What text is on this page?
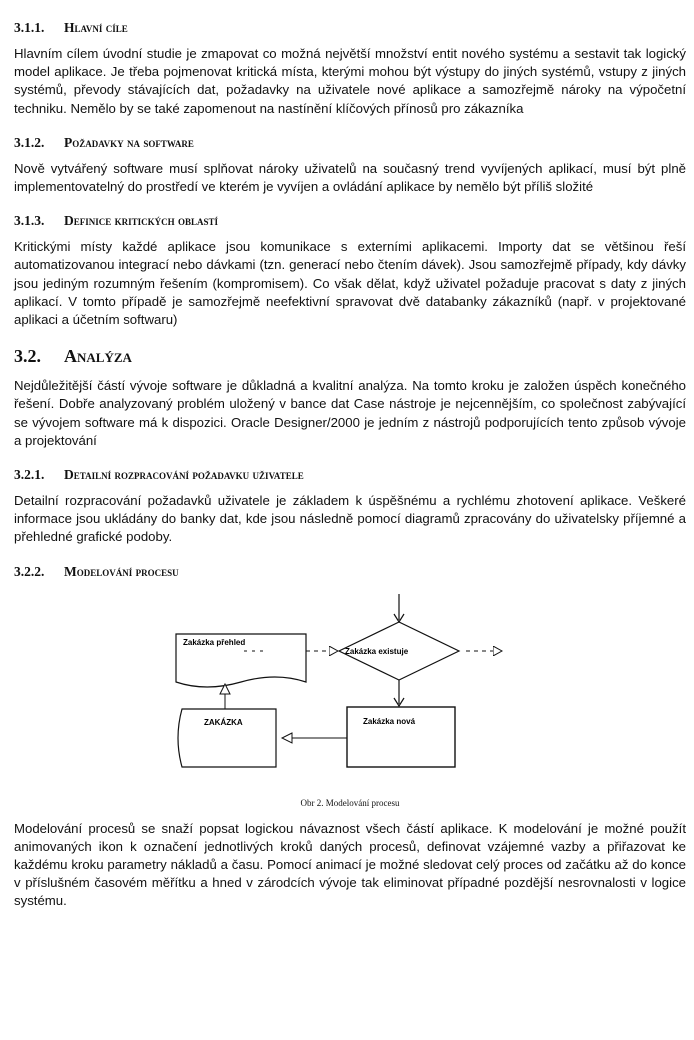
3.1.1. Hlavní cíle

Hlavním cílem úvodní studie je zmapovat co možná největší množství entit nového systému a sestavit tak logický model aplikace. Je třeba pojmenovat kritická místa, kterými mohou být výstupy do jiných systémů, vstupy z jiných systémů, převody stávajících dat, požadavky na uživatele nové aplikace a samozřejmě nároky na výpočetní techniku. Nemělo by se také zapomenout na nastínění klíčových přínosů pro zákazníka

3.1.2. Požadavky na software

Nově vytvářený software musí splňovat nároky uživatelů na současný trend vyvíjených aplikací, musí být plně implementovatelný do prostředí ve kterém je vyvíjen a ovládání aplikace by nemělo být příliš složité

3.1.3. Definice kritických oblastí

Kritickými místy každé aplikace jsou komunikace s externími aplikacemi. Importy dat se většinou řeší automatizovanou integrací nebo dávkami (tzn. generací nebo čtením dávek). Jsou samozřejmě případy, kdy dávky jsou jediným rozumným řešením (kompromisem). Co však dělat, když uživatel požaduje pracovat s daty z jiných aplikací. V tomto případě je samozřejmě neefektivní spravovat dvě databanky zákazníků (např. v projektované aplikaci a účetním softwaru)

3.2. Analýza

Nejdůležitější částí vývoje software je důkladná a kvalitní analýza. Na tomto kroku je založen úspěch konečného řešení. Dobře analyzovaný problém uložený v bance dat Case nástroje je nejcennějším, co společnost zabývající se vývojem software má k dispozici. Oracle Designer/2000 je jedním z nástrojů podporujících tento způsob vývoje a projektování

3.2.1. Detailní rozpracování požadavku uživatele

Detailní rozpracování požadavků uživatele je základem k úspěšnému a rychlému zhotovení aplikace. Veškeré informace jsou ukládány do banky dat, kde jsou následně pomocí diagramů zpracovány do uživatelsky příjemné a přehledné grafické podoby.

3.2.2. Modelování procesu

Zakázka existuje
Zakázka přehled
Zakázka nová
ZAKÁZKA

Obr 2. Modelování procesu

Modelování procesů se snaží popsat logickou návaznost všech částí aplikace. K modelování je možné použít animovaných ikon k označení jednotlivých kroků daných procesů, definovat vzájemné vazby a přiřazovat ke každému kroku parametry nákladů a času. Pomocí animací je možné sledovat celý proces od začátku až do konce v příslušném časovém měřítku a hned v zárodcích vývoje tak eliminovat případné pozdější nesrovnalosti v logice systému.
